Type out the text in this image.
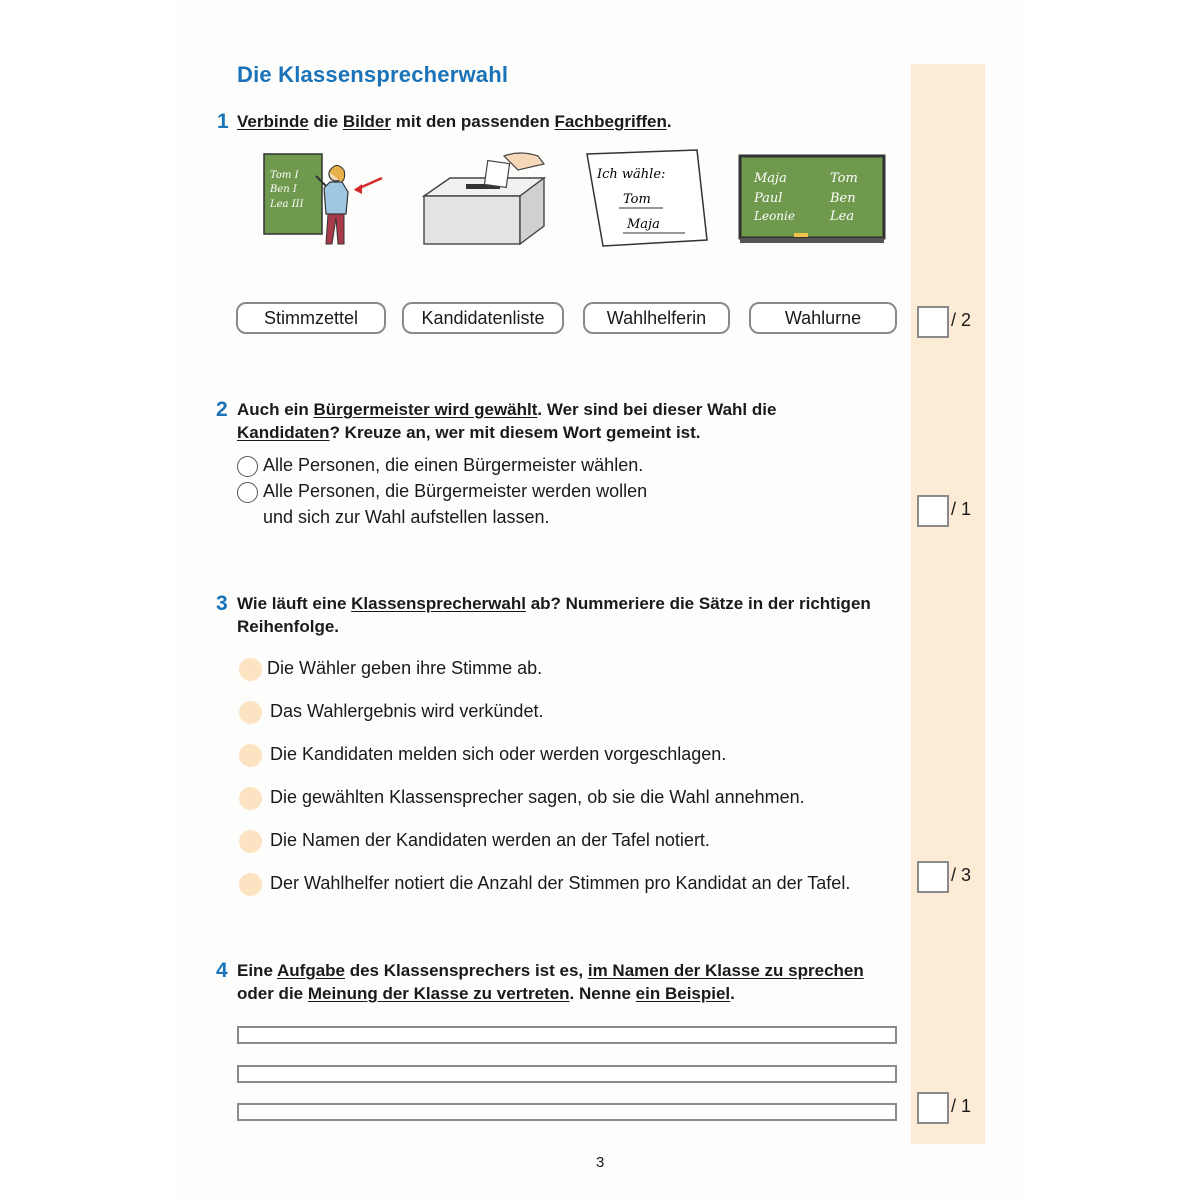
Die Klassensprecherwahl
1 Verbinde die Bilder mit den passenden Fachbegriffen.
Tom I
Ben I
Lea III
Ich wähle:
Tom
Maja
Maja	Tom
Paul	Ben
Leonie	Lea
Stimmzettel	Kandidatenliste	Wahlhelferin	Wahlurne	/ 2
2 Auch ein Bürgermeister wird gewählt. Wer sind bei dieser Wahl die
Kandidaten? Kreuze an, wer mit diesem Wort gemeint ist.
Alle Personen, die einen Bürgermeister wählen.
Alle Personen, die Bürgermeister werden wollen
und sich zur Wahl aufstellen lassen.	/ 1
3 Wie läuft eine Klassensprecherwahl ab? Nummeriere die Sätze in der richtigen
Reihenfolge.
Die Wähler geben ihre Stimme ab.
Das Wahlergebnis wird verkündet.
Die Kandidaten melden sich oder werden vorgeschlagen.
Die gewählten Klassensprecher sagen, ob sie die Wahl annehmen.
Die Namen der Kandidaten werden an der Tafel notiert.
Der Wahlhelfer notiert die Anzahl der Stimmen pro Kandidat an der Tafel.	/ 3
4 Eine Aufgabe des Klassensprechers ist es, im Namen der Klasse zu sprechen
oder die Meinung der Klasse zu vertreten. Nenne ein Beispiel.
/ 1
3
